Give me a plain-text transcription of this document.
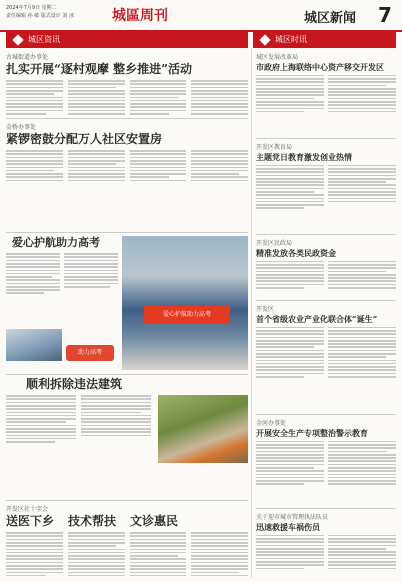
2024年7月9日 星期二
责任编辑 孙 敏 版式设计 刘 冰	城區周刊	城区新闻	7
城区资讯	城区时讯
古城街道办事处
扎实开展“逐村观摩 整乡推进”活动
金桥办事处
紧锣密鼓分配万人社区安置房
爱心护航助力高考
助力高考
爱心护航助力高考
顺利拆除违法建筑
开发区社十字会
送医下乡 技术帮扶 文诊惠民
城区发展改革局
市政府上海联络中心资产移交开发区
开发区教育局
主题党日教育激发创业热情
开发区民政局
精准发放各类民政资金
开发区
首个省级农业产业化联合体“诞生”
金河办事处
开展安全生产专项整治警示教育
关于迎市城市管理执法队员
迅速救援车祸伤员
